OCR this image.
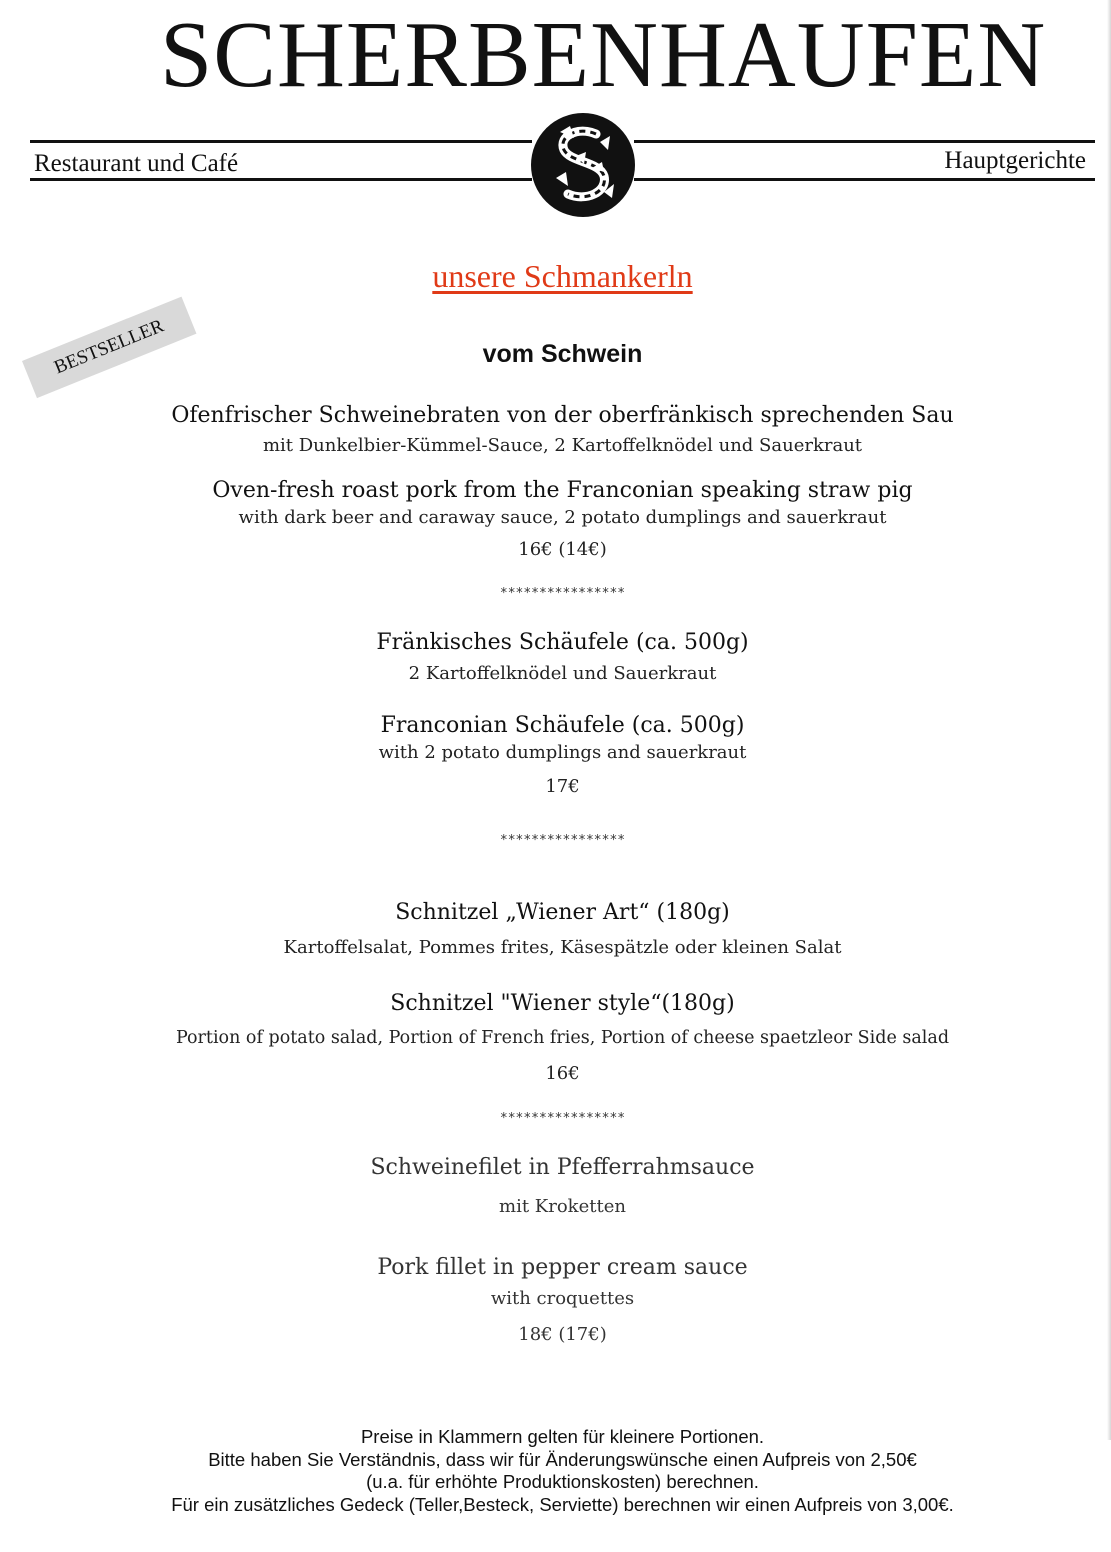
SCHERBENHAUFEN
Restaurant und Café	Hauptgerichte
unsere Schmankerln
vom Schwein
BESTSELLER
Ofenfrischer Schweinebraten von der oberfränkisch sprechenden Sau
mit Dunkelbier-Kümmel-Sauce, 2 Kartoffelknödel und Sauerkraut
Oven-fresh roast pork from the Franconian speaking straw pig
with dark beer and caraway sauce, 2 potato dumplings and sauerkraut
16€ (14€)
****************
Fränkisches Schäufele (ca. 500g)
2 Kartoffelknödel und Sauerkraut
Franconian Schäufele (ca. 500g)
with 2 potato dumplings and sauerkraut
17€
****************
Schnitzel „Wiener Art“ (180g)
Kartoffelsalat, Pommes frites, Käsespätzle oder kleinen Salat
Schnitzel "Wiener style“(180g)
Portion of potato salad, Portion of French fries, Portion of cheese spaetzleor Side salad
16€
****************
Schweinefilet in Pfefferrahmsauce
mit Kroketten
Pork fillet in pepper cream sauce
with croquettes
18€ (17€)
Preise in Klammern gelten für kleinere Portionen.
Bitte haben Sie Verständnis, dass wir für Änderungswünsche einen Aufpreis von 2,50€
(u.a. für erhöhte Produktionskosten) berechnen.
Für ein zusätzliches Gedeck (Teller,Besteck, Serviette) berechnen wir einen Aufpreis von 3,00€.
